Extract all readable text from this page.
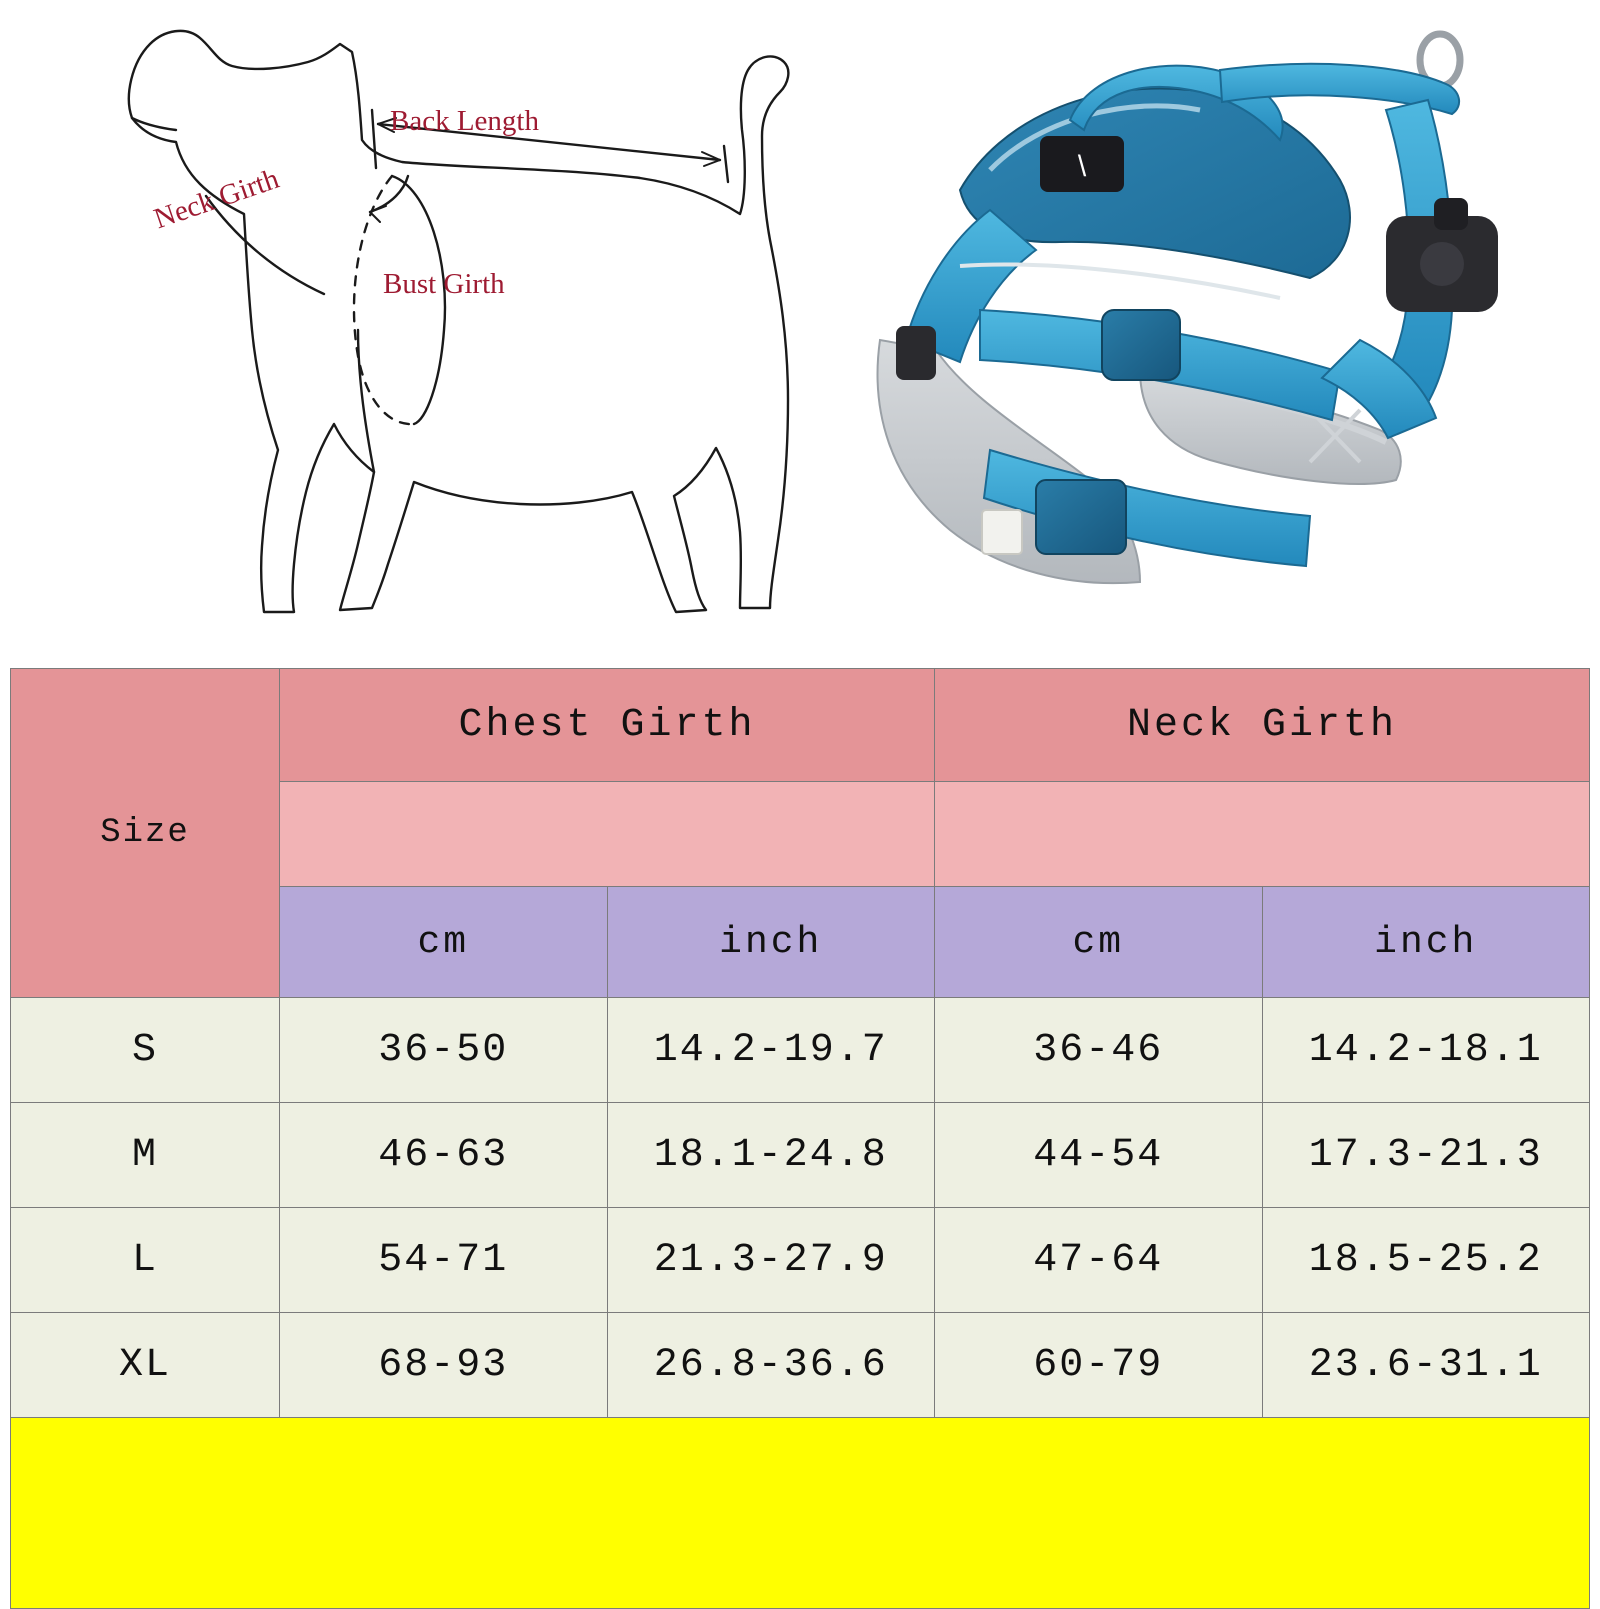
Back Length
Neck Girth
Bust Girth
\
Size	Chest Girth		Neck Girth	

	cm	inch	cm	inch
S	36-50	14.2-19.7	36-46	14.2-18.1
M	46-63	18.1-24.8	44-54	17.3-21.3
L	54-71	21.3-27.9	47-64	18.5-25.2
XL	68-93	26.8-36.6	60-79	23.6-31.1
